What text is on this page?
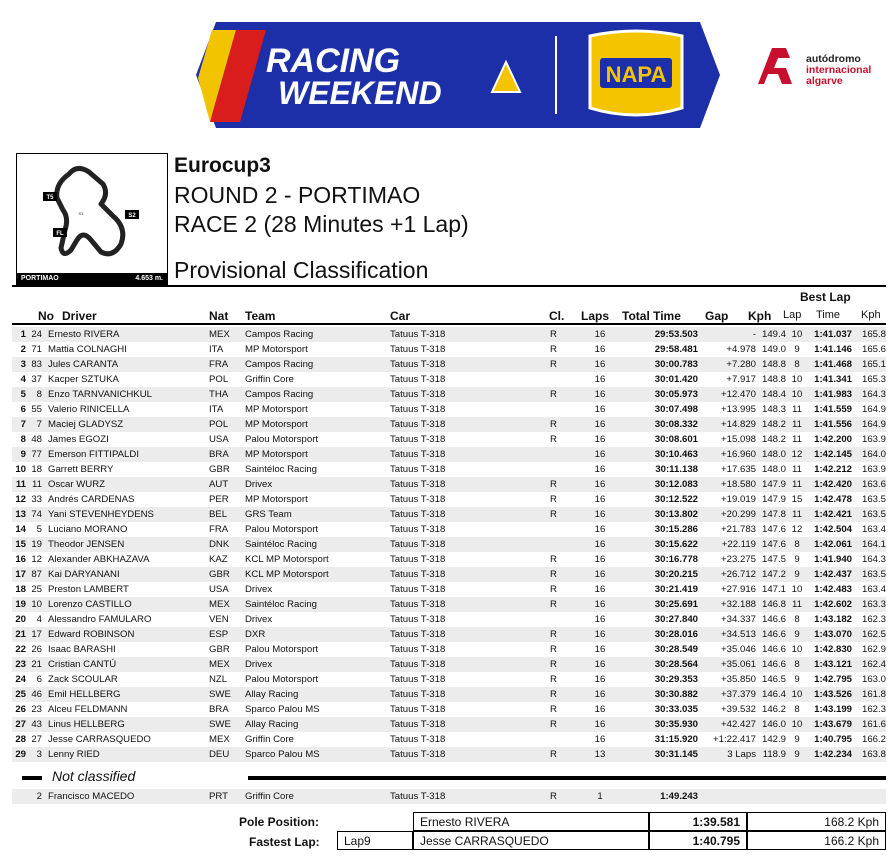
RACING
WEEKEND
NAPA
autódromo
internacional
algarve
T5
S2
FL
S1
PORTIMAO	4.653 m.
Eurocup3
ROUND 2 - PORTIMAO
RACE 2 (28 Minutes +1 Lap)
Provisional Classification
Best Lap
No Driver	Nat Team	Car	Cl. Laps Total Time Gap Kph Lap Time Kph
1	24		Ernesto RIVERA	MEX	Campos Racing	Tatuus T-318	R	16	29:53.503	-	149.4	10	1:41.037	165.8
2	71		Mattia COLNAGHI	ITA	MP Motorsport	Tatuus T-318	R	16	29:58.481	+4.978	149.0	9	1:41.146	165.6
3	83		Jules CARANTA	FRA	Campos Racing	Tatuus T-318	R	16	30:00.783	+7.280	148.8	8	1:41.468	165.1
4	37		Kacper SZTUKA	POL	Griffin Core	Tatuus T-318		16	30:01.420	+7.917	148.8	10	1:41.341	165.3
5	8		Enzo TARNVANICHKUL	THA	Campos Racing	Tatuus T-318	R	16	30:05.973	+12.470	148.4	10	1:41.983	164.3
6	55		Valerio RINICELLA	ITA	MP Motorsport	Tatuus T-318		16	30:07.498	+13.995	148.3	11	1:41.559	164.9
7	7		Maciej GLADYSZ	POL	MP Motorsport	Tatuus T-318	R	16	30:08.332	+14.829	148.2	11	1:41.556	164.9
8	48		James EGOZI	USA	Palou Motorsport	Tatuus T-318	R	16	30:08.601	+15.098	148.2	11	1:42.200	163.9
9	77		Emerson FITTIPALDI	BRA	MP Motorsport	Tatuus T-318		16	30:10.463	+16.960	148.0	12	1:42.145	164.0
10	18		Garrett BERRY	GBR	Saintéloc Racing	Tatuus T-318		16	30:11.138	+17.635	148.0	11	1:42.212	163.9
11	11		Oscar WURZ	AUT	Drivex	Tatuus T-318	R	16	30:12.083	+18.580	147.9	11	1:42.420	163.6
12	33		Andrés CARDENAS	PER	MP Motorsport	Tatuus T-318	R	16	30:12.522	+19.019	147.9	15	1:42.478	163.5
13	74		Yani STEVENHEYDENS	BEL	GRS Team	Tatuus T-318	R	16	30:13.802	+20.299	147.8	11	1:42.421	163.5
14	5		Luciano MORANO	FRA	Palou Motorsport	Tatuus T-318		16	30:15.286	+21.783	147.6	12	1:42.504	163.4
15	19		Theodor JENSEN	DNK	Saintéloc Racing	Tatuus T-318		16	30:15.622	+22.119	147.6	8	1:42.061	164.1
16	12		Alexander ABKHAZAVA	KAZ	KCL MP Motorsport	Tatuus T-318	R	16	30:16.778	+23.275	147.5	9	1:41.940	164.3
17	87		Kai DARYANANI	GBR	KCL MP Motorsport	Tatuus T-318	R	16	30:20.215	+26.712	147.2	9	1:42.437	163.5
18	25		Preston LAMBERT	USA	Drivex	Tatuus T-318	R	16	30:21.419	+27.916	147.1	10	1:42.483	163.4
19	10		Lorenzo CASTILLO	MEX	Saintéloc Racing	Tatuus T-318	R	16	30:25.691	+32.188	146.8	11	1:42.602	163.3
20	4		Alessandro FAMULARO	VEN	Drivex	Tatuus T-318		16	30:27.840	+34.337	146.6	8	1:43.182	162.3
21	17		Edward ROBINSON	ESP	DXR	Tatuus T-318	R	16	30:28.016	+34.513	146.6	9	1:43.070	162.5
22	26		Isaac BARASHI	GBR	Palou Motorsport	Tatuus T-318	R	16	30:28.549	+35.046	146.6	10	1:42.830	162.9
23	21		Cristian CANTÚ	MEX	Drivex	Tatuus T-318	R	16	30:28.564	+35.061	146.6	8	1:43.121	162.4
24	6		Zack SCOULAR	NZL	Palou Motorsport	Tatuus T-318	R	16	30:29.353	+35.850	146.5	9	1:42.795	163.0
25	46		Emil HELLBERG	SWE	Allay Racing	Tatuus T-318	R	16	30:30.882	+37.379	146.4	10	1:43.526	161.8
26	23		Alceu FELDMANN	BRA	Sparco Palou MS	Tatuus T-318	R	16	30:33.035	+39.532	146.2	8	1:43.199	162.3
27	43		Linus HELLBERG	SWE	Allay Racing	Tatuus T-318	R	16	30:35.930	+42.427	146.0	10	1:43.679	161.6
28	27		Jesse CARRASQUEDO	MEX	Griffin Core	Tatuus T-318		16	31:15.920	+1:22.417	142.9	9	1:40.795	166.2
29	3		Lenny RIED	DEU	Sparco Palou MS	Tatuus T-318	R	13	30:31.145	3 Laps	118.9	9	1:42.234	163.8
Not classified
	2		Francisco MACEDO	PRT	Griffin Core	Tatuus T-318	R	1	1:49.243					
Pole Position:	Ernesto RIVERA	1:39.581	168.2 Kph
Fastest Lap:	Lap9	Jesse CARRASQUEDO	1:40.795	166.2 Kph
